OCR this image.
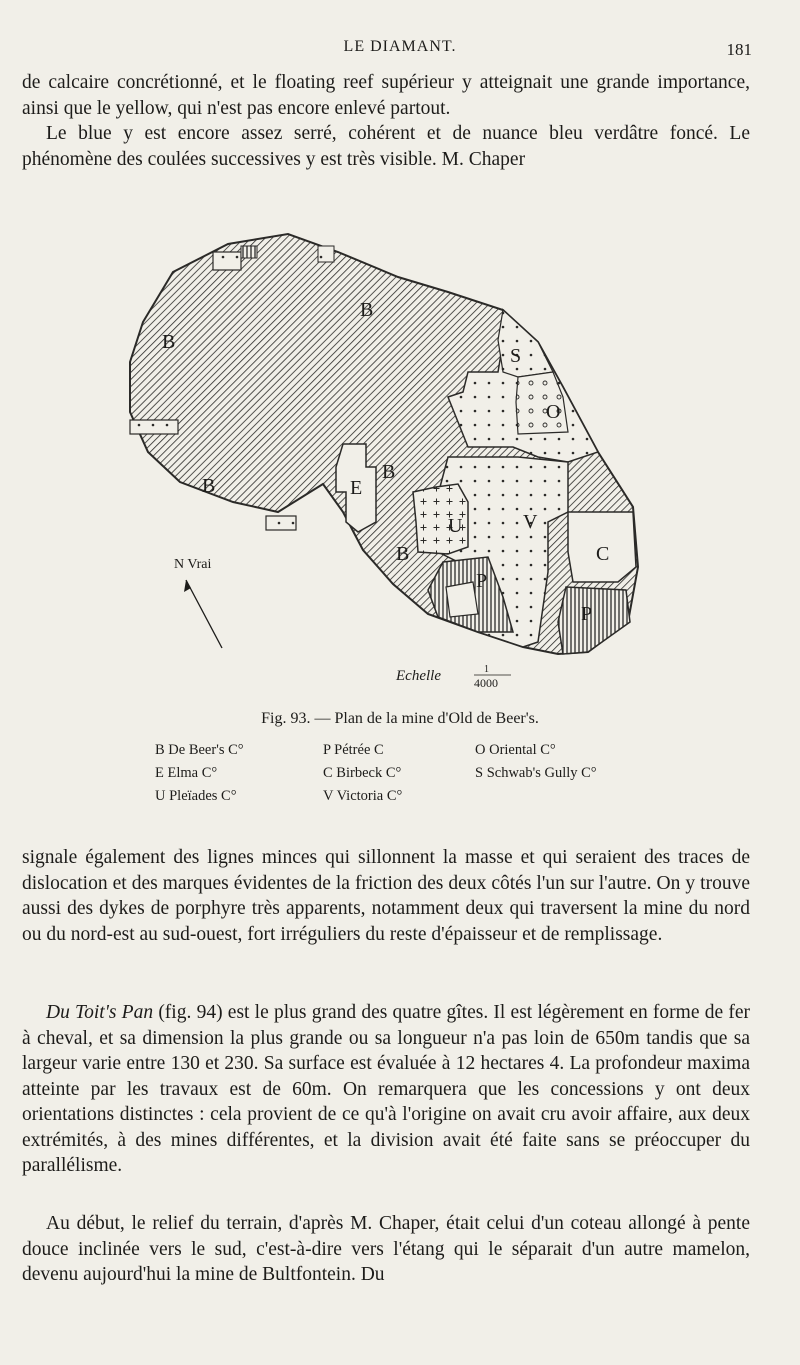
LE DIAMANT.	181

de calcaire concrétionné, et le floating reef supérieur y atteignait une grande importance, ainsi que le yellow, qui n'est pas encore enlevé partout.

Le blue y est encore assez serré, cohérent et de nuance bleu verdâtre foncé. Le phénomène des coulées successives y est très visible. M. Chaper

B
B
B
B
B
E
U	V
C
P
P
O
S
N Vrai
Echelle	1
4000
Fig. 93. — Plan de la mine d'Old de Beer's.
B De Beer's C°	P Pétrée C	O Oriental C°
E Elma C°	C Birbeck C°	S Schwab's Gully C°
U Pleïades C°	V Victoria C°

signale également des lignes minces qui sillonnent la masse et qui seraient des traces de dislocation et des marques évidentes de la friction des deux côtés l'un sur l'autre. On y trouve aussi des dykes de porphyre très apparents, notamment deux qui traversent la mine du nord ou du nord-est au sud-ouest, fort irréguliers du reste d'épaisseur et de remplissage.

Du Toit's Pan (fig. 94) est le plus grand des quatre gîtes. Il est légèrement en forme de fer à cheval, et sa dimension la plus grande ou sa longueur n'a pas loin de 650m tandis que sa largeur varie entre 130 et 230. Sa surface est évaluée à 12 hectares 4. La profondeur maxima atteinte par les travaux est de 60m. On remarquera que les concessions y ont deux orientations distinctes : cela provient de ce qu'à l'origine on avait cru avoir affaire, aux deux extrémités, à des mines différentes, et la division avait été faite sans se préoccuper du parallélisme.

Au début, le relief du terrain, d'après M. Chaper, était celui d'un coteau allongé à pente douce inclinée vers le sud, c'est-à-dire vers l'étang qui le séparait d'un autre mamelon, devenu aujourd'hui la mine de Bultfontein. Du
